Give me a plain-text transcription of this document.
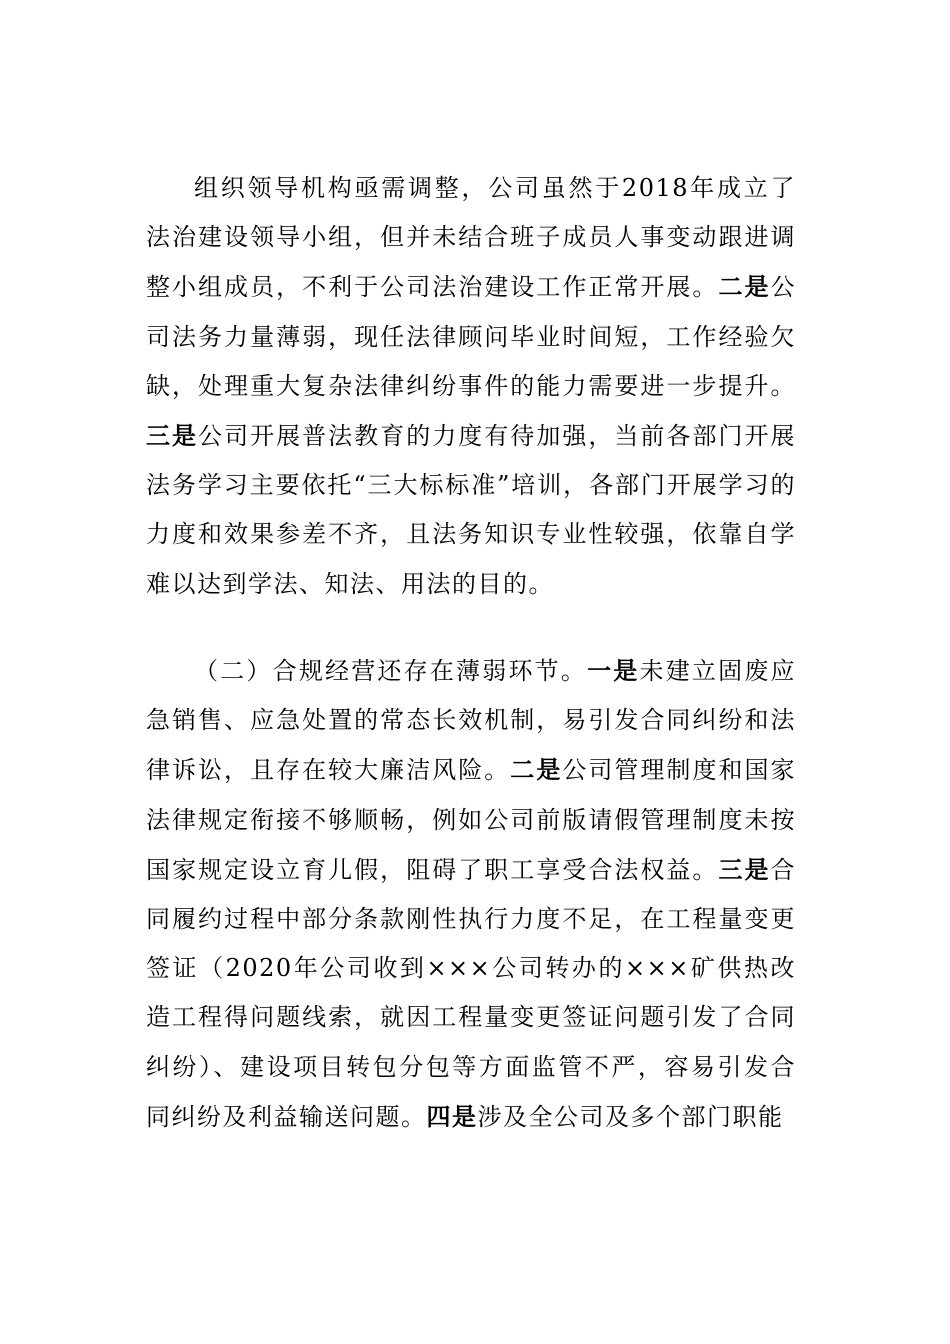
组织领导机构亟需调整，公司虽然于2018年成立了法治建设领导小组，但并未结合班子成员人事变动跟进调整小组成员，不利于公司法治建设工作正常开展。二是公司法务力量薄弱，现任法律顾问毕业时间短，工作经验欠缺，处理重大复杂法律纠纷事件的能力需要进一步提升。三是公司开展普法教育的力度有待加强，当前各部门开展法务学习主要依托“三大标标准”培训，各部门开展学习的力度和效果参差不齐，且法务知识专业性较强，依靠自学难以达到学法、知法、用法的目的。

（二）合规经营还存在薄弱环节。一是未建立固废应急销售、应急处置的常态长效机制，易引发合同纠纷和法律诉讼，且存在较大廉洁风险。二是公司管理制度和国家法律规定衔接不够顺畅，例如公司前版请假管理制度未按国家规定设立育儿假，阻碍了职工享受合法权益。三是合同履约过程中部分条款刚性执行力度不足，在工程量变更签证（2020年公司收到×××公司转办的×××矿供热改造工程得问题线索，就因工程量变更签证问题引发了合同纠纷）、建设项目转包分包等方面监管不严，容易引发合同纠纷及利益输送问题。四是涉及全公司及多个部门职能
